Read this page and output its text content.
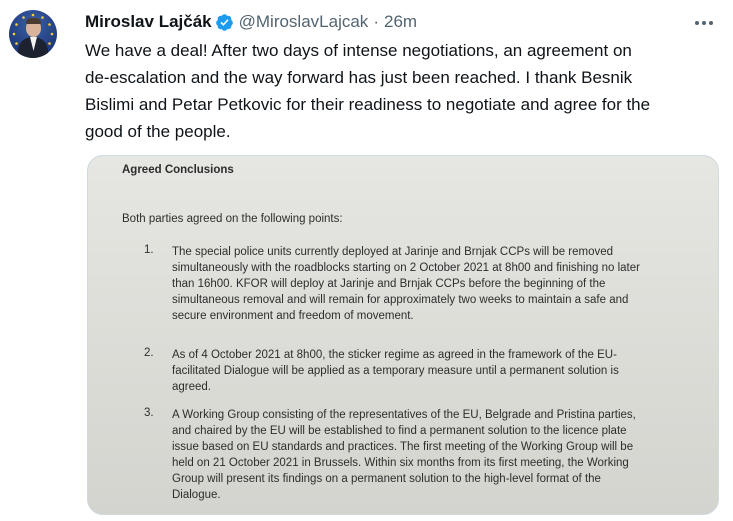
Miroslav Lajčák @MiroslavLajcak · 26m
We have a deal! After two days of intense negotiations, an agreement on
de-escalation and the way forward has just been reached. I thank Besnik
Bislimi and Petar Petkovic for their readiness to negotiate and agree for the
good of the people.
Agreed Conclusions
Both parties agreed on the following points:
1. The special police units currently deployed at Jarinje and Brnjak CCPs will be removed
simultaneously with the roadblocks starting on 2 October 2021 at 8h00 and finishing no later
than 16h00. KFOR will deploy at Jarinje and Brnjak CCPs before the beginning of the
simultaneous removal and will remain for approximately two weeks to maintain a safe and
secure environment and freedom of movement.
2. As of 4 October 2021 at 8h00, the sticker regime as agreed in the framework of the EU-
facilitated Dialogue will be applied as a temporary measure until a permanent solution is
agreed.
3. A Working Group consisting of the representatives of the EU, Belgrade and Pristina parties,
and chaired by the EU will be established to find a permanent solution to the licence plate
issue based on EU standards and practices. The first meeting of the Working Group will be
held on 21 October 2021 in Brussels. Within six months from its first meeting, the Working
Group will present its findings on a permanent solution to the high-level format of the
Dialogue.
